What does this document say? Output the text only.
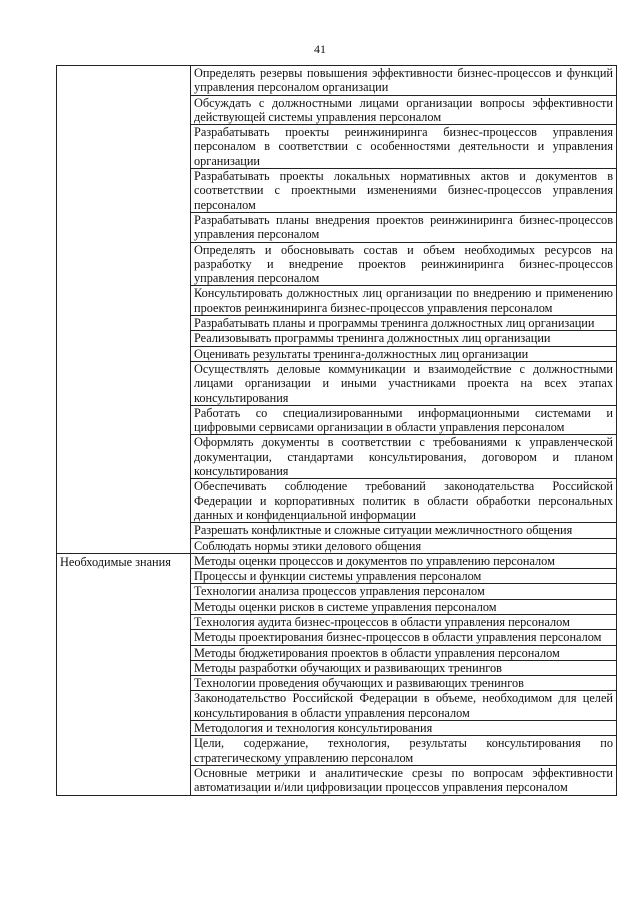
41
	Определять резервы повышения эффективности бизнес-процессов и функций управления персоналом организации
	Обсуждать с должностными лицами организации вопросы эффективности действующей системы управления персоналом
	Разрабатывать проекты реинжиниринга бизнес-процессов управления персоналом в соответствии с особенностями деятельности и управления организации
	Разрабатывать проекты локальных нормативных актов и документов в соответствии с проектными изменениями бизнес-процессов управления персоналом
	Разрабатывать планы внедрения проектов реинжиниринга бизнес-процессов управления персоналом
	Определять и обосновывать состав и объем необходимых ресурсов на разработку и внедрение проектов реинжиниринга бизнес-процессов управления персоналом
	Консультировать должностных лиц организации по внедрению и применению проектов реинжиниринга бизнес-процессов управления персоналом
	Разрабатывать планы и программы тренинга должностных лиц организации
	Реализовывать программы тренинга должностных лиц организации
	Оценивать результаты тренинга-должностных лиц организации
	Осуществлять деловые коммуникации и взаимодействие с должностными лицами организации и иными участниками проекта на всех этапах консультирования
	Работать со специализированными информационными системами и цифровыми сервисами организации в области управления персоналом
	Оформлять документы в соответствии с требованиями к управленческой документации, стандартами консультирования, договором и планом консультирования
	Обеспечивать соблюдение требований законодательства Российской Федерации и корпоративных политик в области обработки персональных данных и конфиденциальной информации
	Разрешать конфликтные и сложные ситуации межличностного общения
	Соблюдать нормы этики делового общения

Необходимые знания	Методы оценки процессов и документов по управлению персоналом
	Процессы и функции системы управления персоналом
	Технологии анализа процессов управления персоналом
	Методы оценки рисков в системе управления персоналом
	Технология аудита бизнес-процессов в области управления персоналом
	Методы проектирования бизнес-процессов в области управления персоналом
	Методы бюджетирования проектов в области управления персоналом
	Методы разработки обучающих и развивающих тренингов
	Технологии проведения обучающих и развивающих тренингов
	Законодательство Российской Федерации в объеме, необходимом для целей консультирования в области управления персоналом
	Методология и технология консультирования
	Цели, содержание, технология, результаты консультирования по стратегическому управлению персоналом
	Основные метрики и аналитические срезы по вопросам эффективности автоматизации и/или цифровизации процессов управления персоналом
